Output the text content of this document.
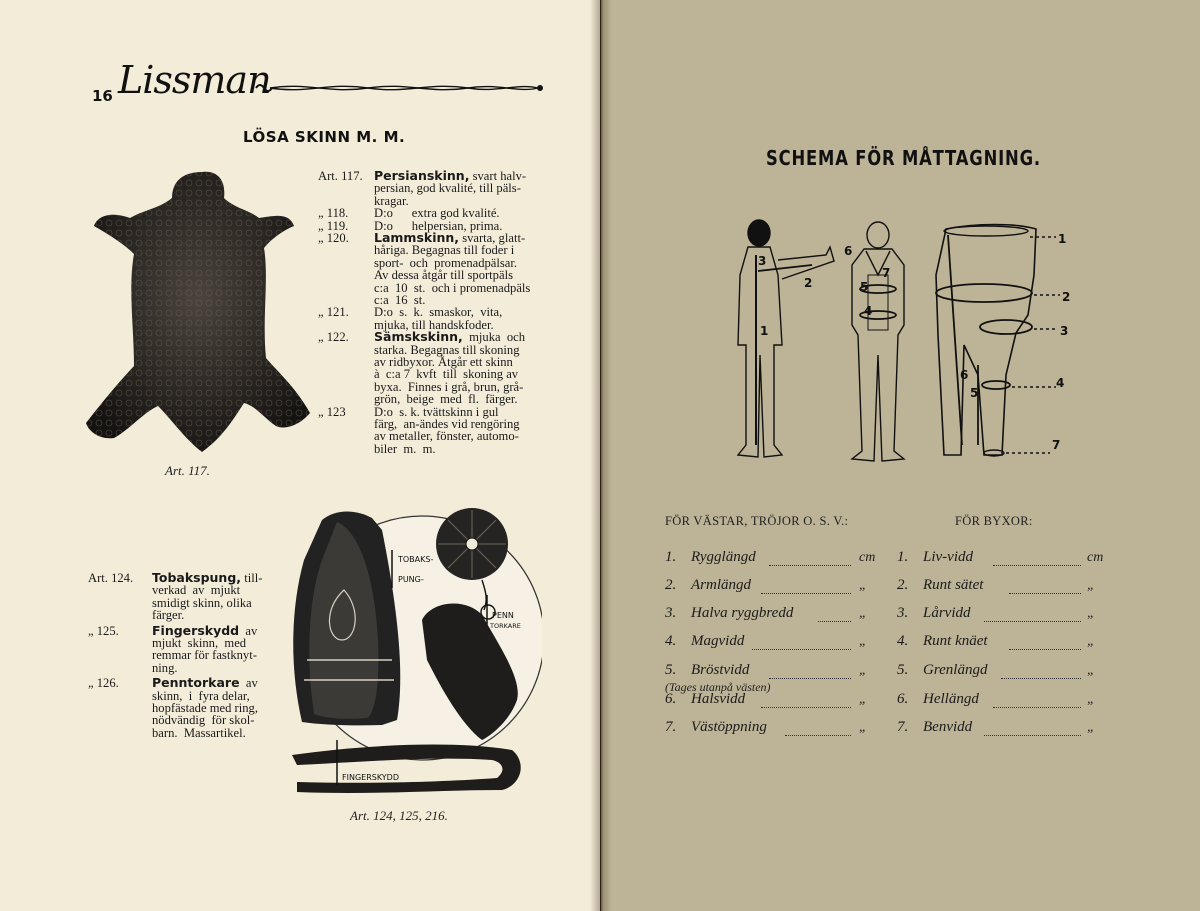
16 Lissman
LÖSA SKINN M. M.
Art. 117.
Art. 117. Persianskinn, svart halv-
persian, god kvalité, till päls-
kragar.
„ 118. D:o      extra god kvalité.
„ 119. D:o      helpersian, prima.
„ 120. Lammskinn, svarta, glatt-
håriga. Begagnas till foder i
sport-  och  promenadpälsar.
Av dessa åtgår till sportpäls
c:a  10  st.  och i promenadpäls
c:a  16  st.
„ 121. D:o  s.  k.  smaskor,  vita,
mjuka, till handskfoder.
„ 122. Sämskskinn,  mjuka  och
starka. Begagnas till skoning
av ridbyxor. Åtgår ett skinn
à  c:a 7  kvft  till  skoning av
byxa.  Finnes i grå, brun, grå-
grön,  beige  med  fl.  färger.
„ 123 D:o  s. k. tvättskinn i gul
färg,  an-ändes vid rengöring
av metaller, fönster, automo-
biler  m.  m.
Art. 124. Tobakspung, till-
verkad  av  mjukt
smidigt skinn, olika
färger.
„ 125.	Fingerskydd  av
mjukt  skinn,  med
remmar för fastknyt-
ning.
„ 126.	Penntorkare  av
skinn,  i  fyra delar,
hopfästade med ring,
nödvändig  för skol-
barn.  Massartikel.
TOBAKS-
PUNG-
PENN
TORKARE
FINGERSKYDD
Art. 124, 125, 216.
SCHEMA FÖR MÅTTAGNING.
3
2
1
6
7
5
4
1
2
3
4
7
6
5
FÖR VÄSTAR, TRÖJOR O. S. V.:	FÖR BYXOR:
1. Rygglängd	cm
2. Armlängd	„
3. Halva ryggbredd	„
4. Magvidd	„
5. Bröstvidd	„
6. Halsvidd	„
7. Västöppning	„
1. Liv-vidd	cm
2. Runt sätet	„
3. Lårvidd	„
4. Runt knäet	„
5. Grenlängd	„
6. Hellängd	„
7. Benvidd	„
(Tages utanpå västen)
